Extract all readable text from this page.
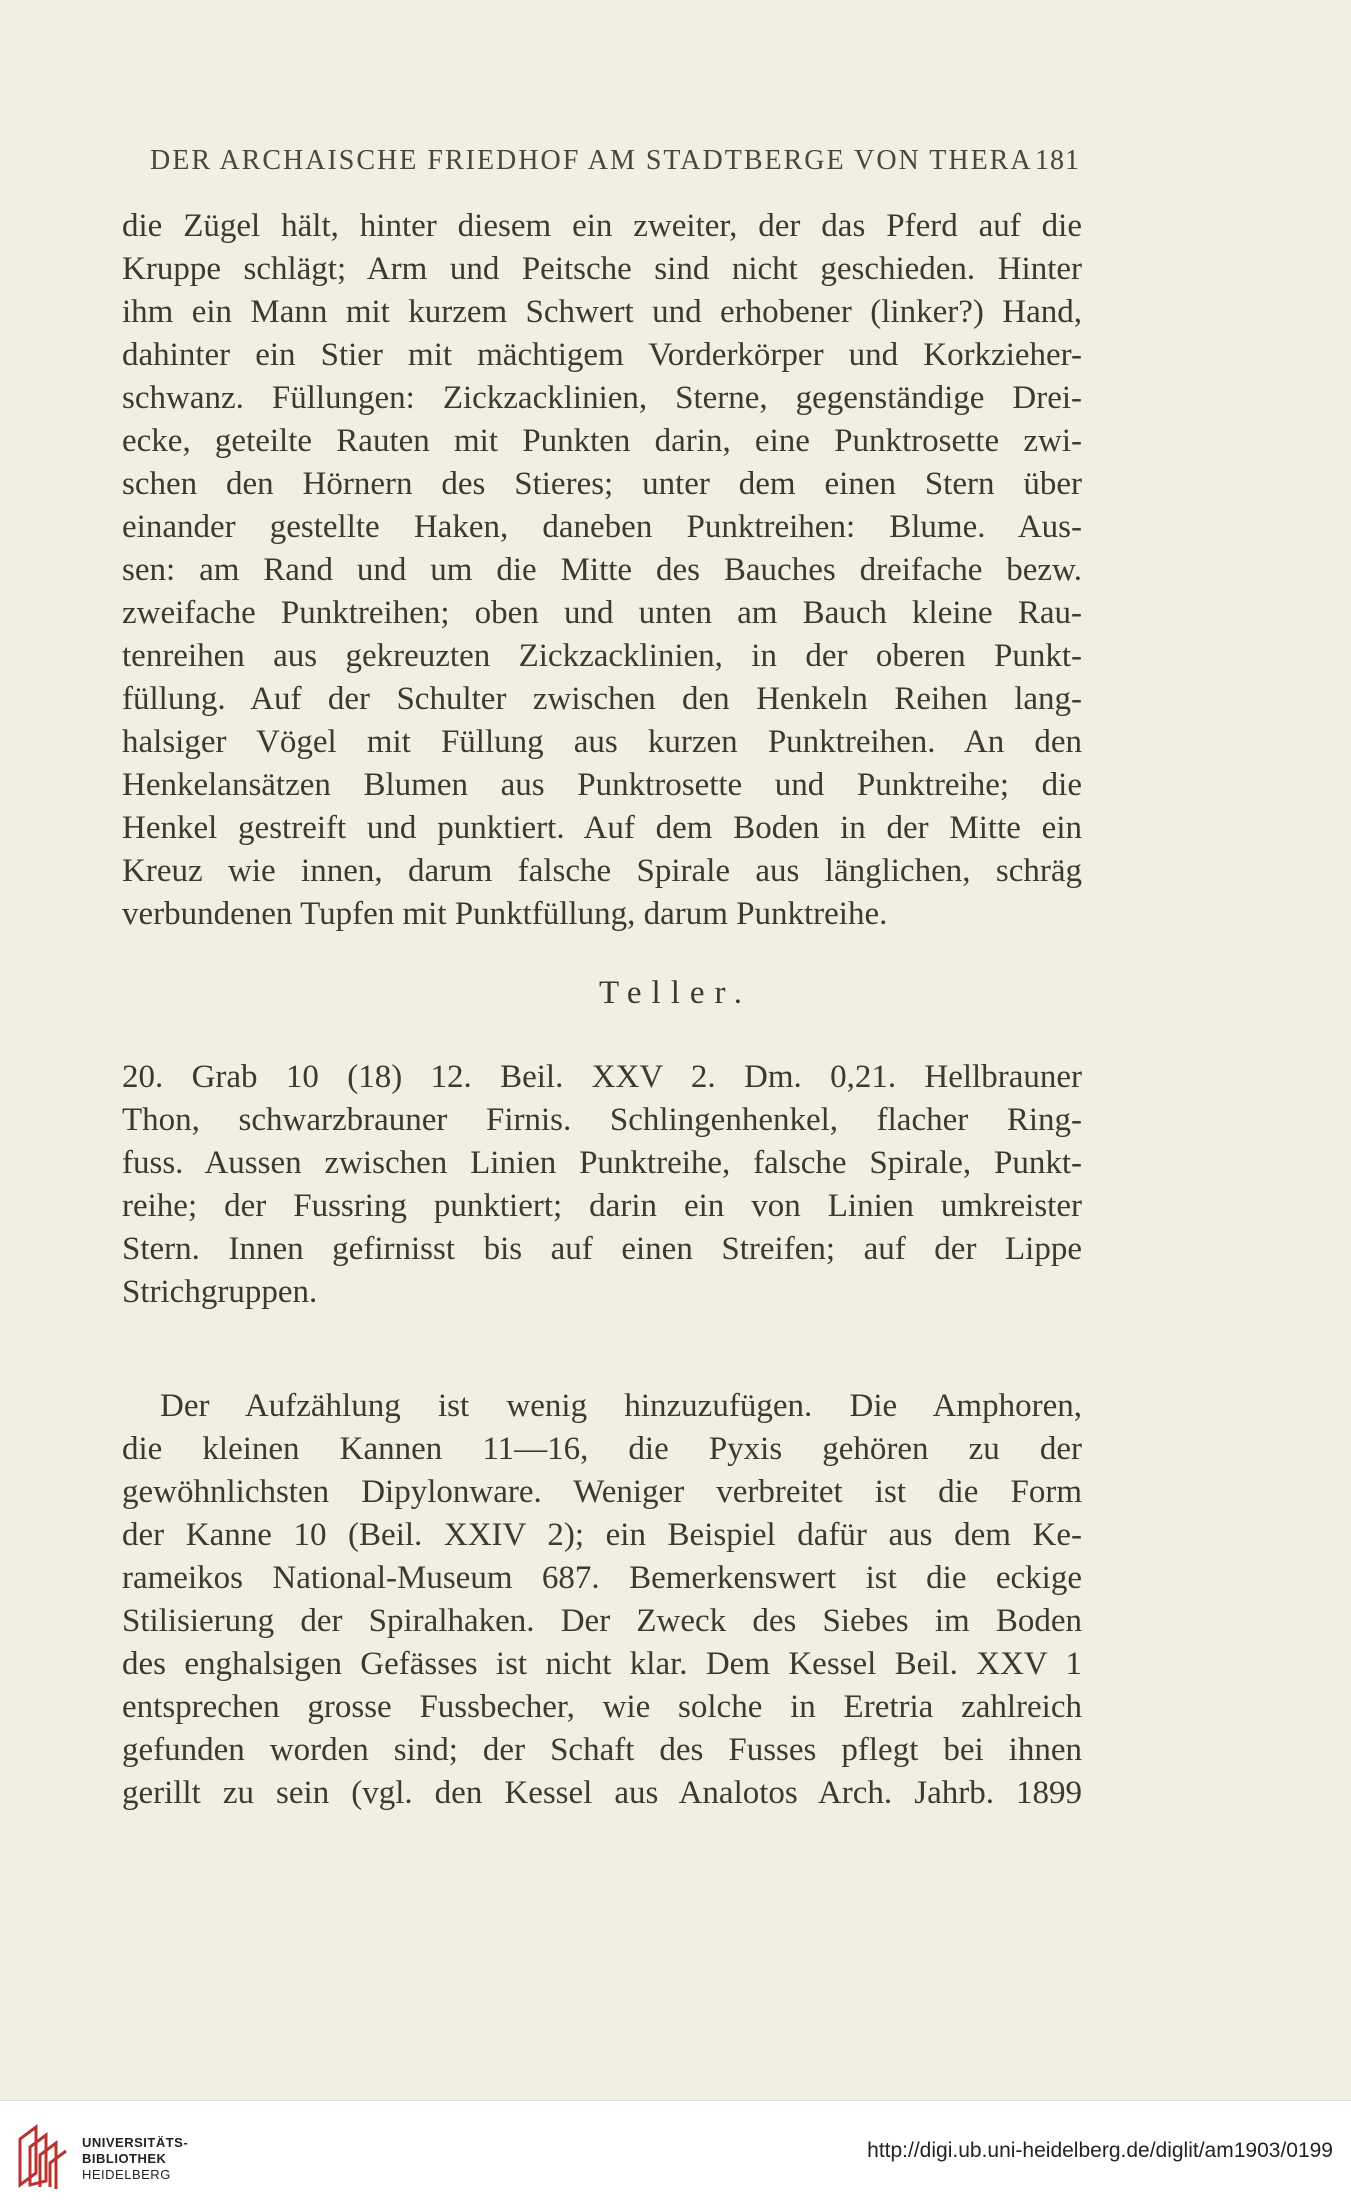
DER ARCHAISCHE FRIEDHOF AM STADTBERGE VON THERA 181
die Zügel hält, hinter diesem ein zweiter, der das Pferd auf die
Kruppe schlägt; Arm und Peitsche sind nicht geschieden. Hinter
ihm ein Mann mit kurzem Schwert und erhobener (linker?) Hand,
dahinter ein Stier mit mächtigem Vorderkörper und Korkzieher-
schwanz. Füllungen: Zickzacklinien, Sterne, gegenständige Drei-
ecke, geteilte Rauten mit Punkten darin, eine Punktrosette zwi-
schen den Hörnern des Stieres; unter dem einen Stern über
einander gestellte Haken, daneben Punktreihen: Blume. Aus-
sen: am Rand und um die Mitte des Bauches dreifache bezw.
zweifache Punktreihen; oben und unten am Bauch kleine Rau-
tenreihen aus gekreuzten Zickzacklinien, in der oberen Punkt-
füllung. Auf der Schulter zwischen den Henkeln Reihen lang-
halsiger Vögel mit Füllung aus kurzen Punktreihen. An den
Henkelansätzen Blumen aus Punktrosette und Punktreihe; die
Henkel gestreift und punktiert. Auf dem Boden in der Mitte ein
Kreuz wie innen, darum falsche Spirale aus länglichen, schräg
verbundenen Tupfen mit Punktfüllung, darum Punktreihe.
Teller.
20. Grab 10 (18) 12. Beil. XXV 2. Dm. 0,21. Hellbrauner
Thon, schwarzbrauner Firnis. Schlingenhenkel, flacher Ring-
fuss. Aussen zwischen Linien Punktreihe, falsche Spirale, Punkt-
reihe; der Fussring punktiert; darin ein von Linien umkreister
Stern. Innen gefirnisst bis auf einen Streifen; auf der Lippe
Strichgruppen.
Der Aufzählung ist wenig hinzuzufügen. Die Amphoren,
die kleinen Kannen 11—16, die Pyxis gehören zu der
gewöhnlichsten Dipylonware. Weniger verbreitet ist die Form
der Kanne 10 (Beil. XXIV 2); ein Beispiel dafür aus dem Ke-
rameikos National-Museum 687. Bemerkenswert ist die eckige
Stilisierung der Spiralhaken. Der Zweck des Siebes im Boden
des enghalsigen Gefässes ist nicht klar. Dem Kessel Beil. XXV 1
entsprechen grosse Fussbecher, wie solche in Eretria zahlreich
gefunden worden sind; der Schaft des Fusses pflegt bei ihnen
gerillt zu sein (vgl. den Kessel aus Analotos Arch. Jahrb. 1899
UNIVERSITÄTS-
BIBLIOTHEK
HEIDELBERG
http://digi.ub.uni-heidelberg.de/diglit/am1903/0199
